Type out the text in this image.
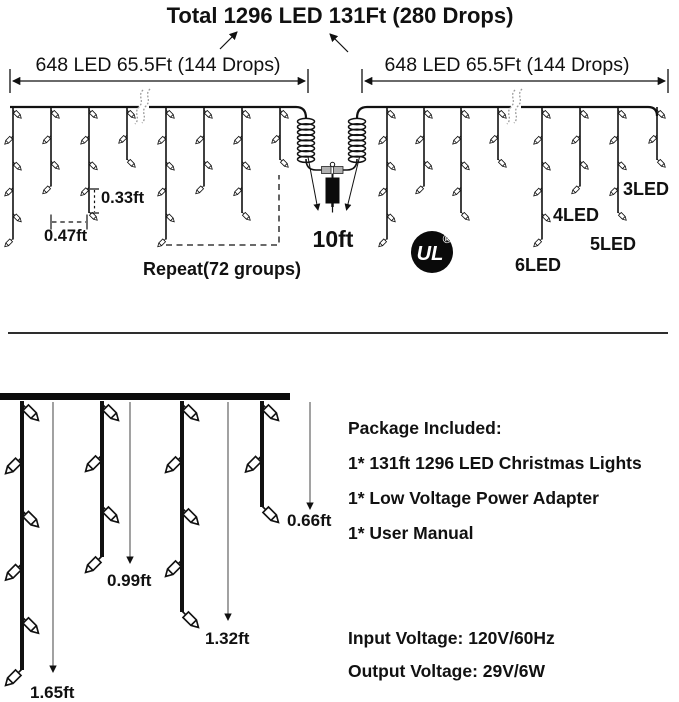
Total 1296 LED 131Ft (280 Drops)
648 LED 65.5Ft (144 Drops)	648 LED 65.5Ft (144 Drops)
10ft
Repeat(72 groups)
0.33ft
0.47ft
3LED
4LED
5LED
6LED
UL
®
1.65ft
0.99ft
1.32ft
0.66ft
Package Included:
1* 131ft 1296 LED Christmas Lights
1* Low Voltage Power Adapter
1* User Manual
Input Voltage: 120V/60Hz
Output Voltage: 29V/6W
